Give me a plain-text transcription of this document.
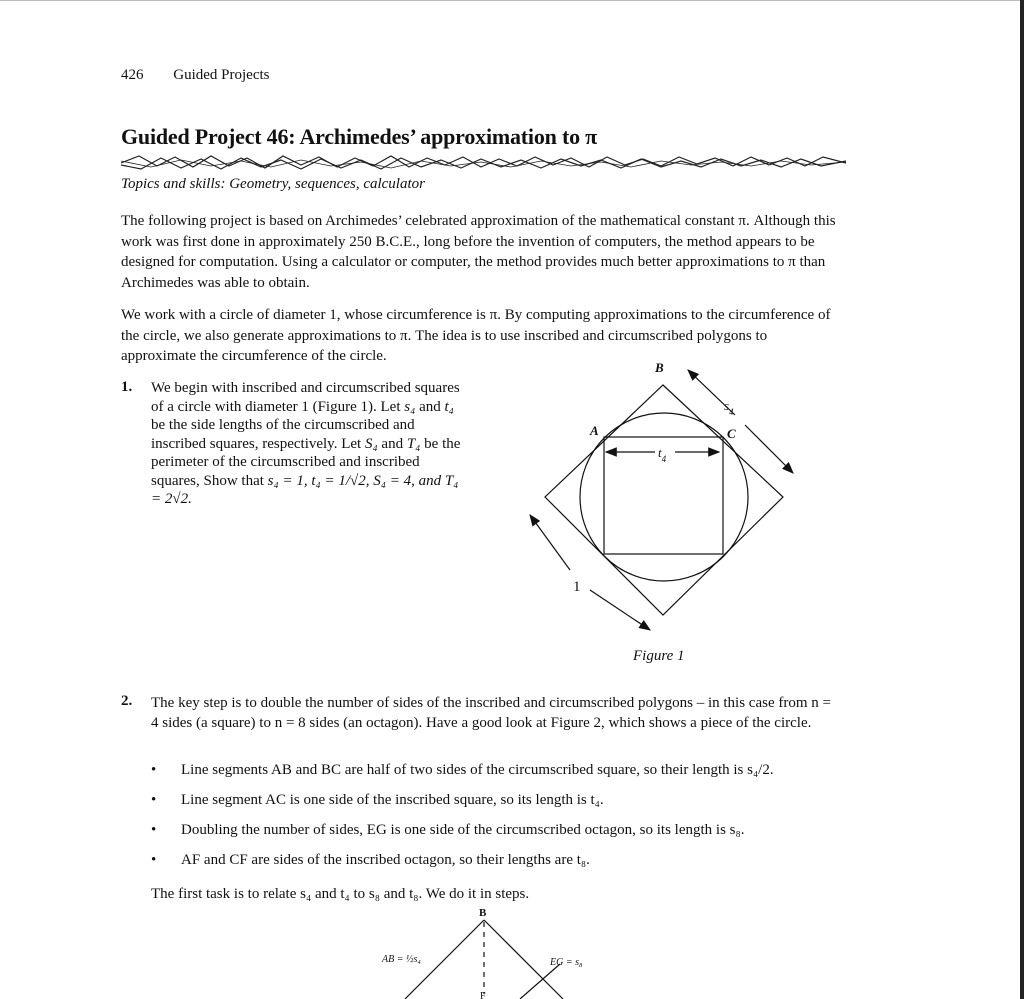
426 Guided Projects
Guided Project 46: Archimedes’ approximation to π
Topics and skills: Geometry, sequences, calculator
The following project is based on Archimedes’ celebrated approximation of the mathematical constant π. Although this work was first done in approximately 250 B.C.E., long before the invention of computers, the method appears to be designed for computation. Using a calculator or computer, the method provides much better approximations to π than Archimedes was able to obtain.
We work with a circle of diameter 1, whose circumference is π. By computing approximations to the circumference of the circle, we also generate approximations to π. The idea is to use inscribed and circumscribed polygons to approximate the circumference of the circle.
1. We begin with inscribed and circumscribed squares of a circle with diameter 1 (Figure 1). Let s₄ and t₄ be the side lengths of the circumscribed and inscribed squares, respectively. Let S₄ and T₄ be the perimeter of the circumscribed and inscribed squares, Show that s₄ = 1, t₄ = 1/√2, S₄ = 4, and T₄ = 2√2.
B
A	C
$s_4$
$t_4$
1
Figure 1
2. The key step is to double the number of sides of the inscribed and circumscribed polygons – in this case from n = 4 sides (a square) to n = 8 sides (an octagon). Have a good look at Figure 2, which shows a piece of the circle.
• Line segments AB and BC are half of two sides of the circumscribed square, so their length is s₄/2.
• Line segment AC is one side of the inscribed square, so its length is t₄.
• Doubling the number of sides, EG is one side of the circumscribed octagon, so its length is s₈.
• AF and CF are sides of the inscribed octagon, so their lengths are t₈.
The first task is to relate s₄ and t₄ to s₈ and t₈. We do it in steps.
B
AB = ½s₄	EG = s₈
F
